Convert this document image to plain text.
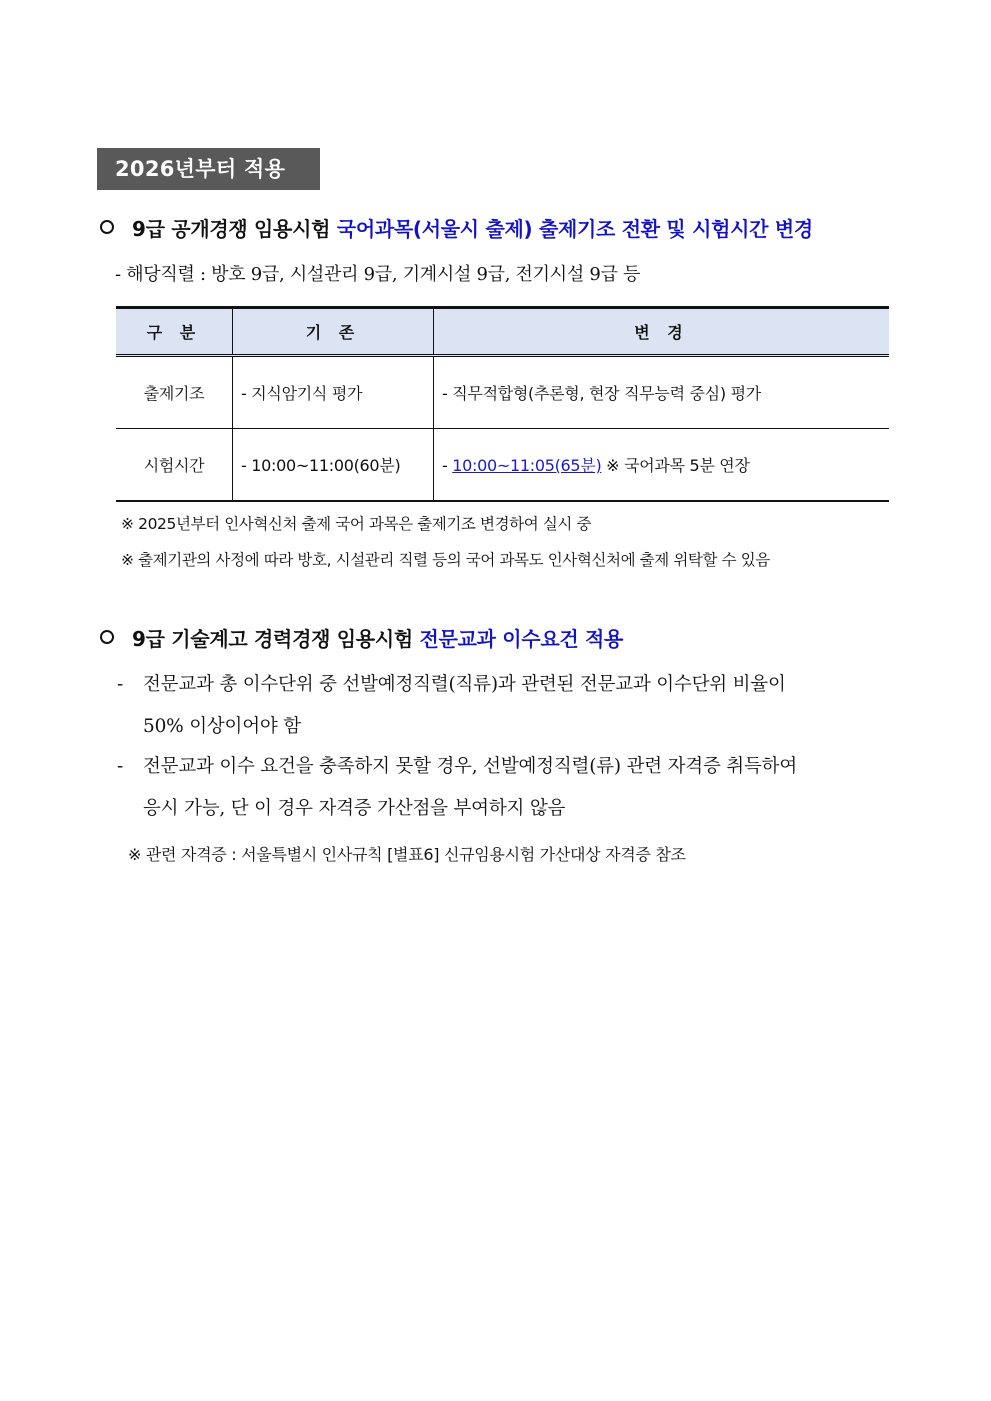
2026년부터 적용
9급 공개경쟁 임용시험 국어과목(서울시 출제) 출제기조 전환 및 시험시간 변경
- 해당직렬 : 방호 9급, 시설관리 9급, 기계시설 9급, 전기시설 9급 등
구 분	기 존	변 경
출제기조	- 지식암기식 평가	- 직무적합형(추론형, 현장 직무능력 중심) 평가
시험시간	- 10:00~11:00(60분)	- 10:00~11:05(65분) ※ 국어과목 5분 연장
※ 2025년부터 인사혁신처 출제 국어 과목은 출제기조 변경하여 실시 중
※ 출제기관의 사정에 따라 방호, 시설관리 직렬 등의 국어 과목도 인사혁신처에 출제 위탁할 수 있음
9급 기술계고 경력경쟁 임용시험 전문교과 이수요건 적용
- 전문교과 총 이수단위 중 선발예정직렬(직류)과 관련된 전문교과 이수단위 비율이
50% 이상이어야 함
- 전문교과 이수 요건을 충족하지 못할 경우, 선발예정직렬(류) 관련 자격증 취득하여
응시 가능, 단 이 경우 자격증 가산점을 부여하지 않음
※ 관련 자격증 : 서울특별시 인사규칙 [별표6] 신규임용시험 가산대상 자격증 참조
